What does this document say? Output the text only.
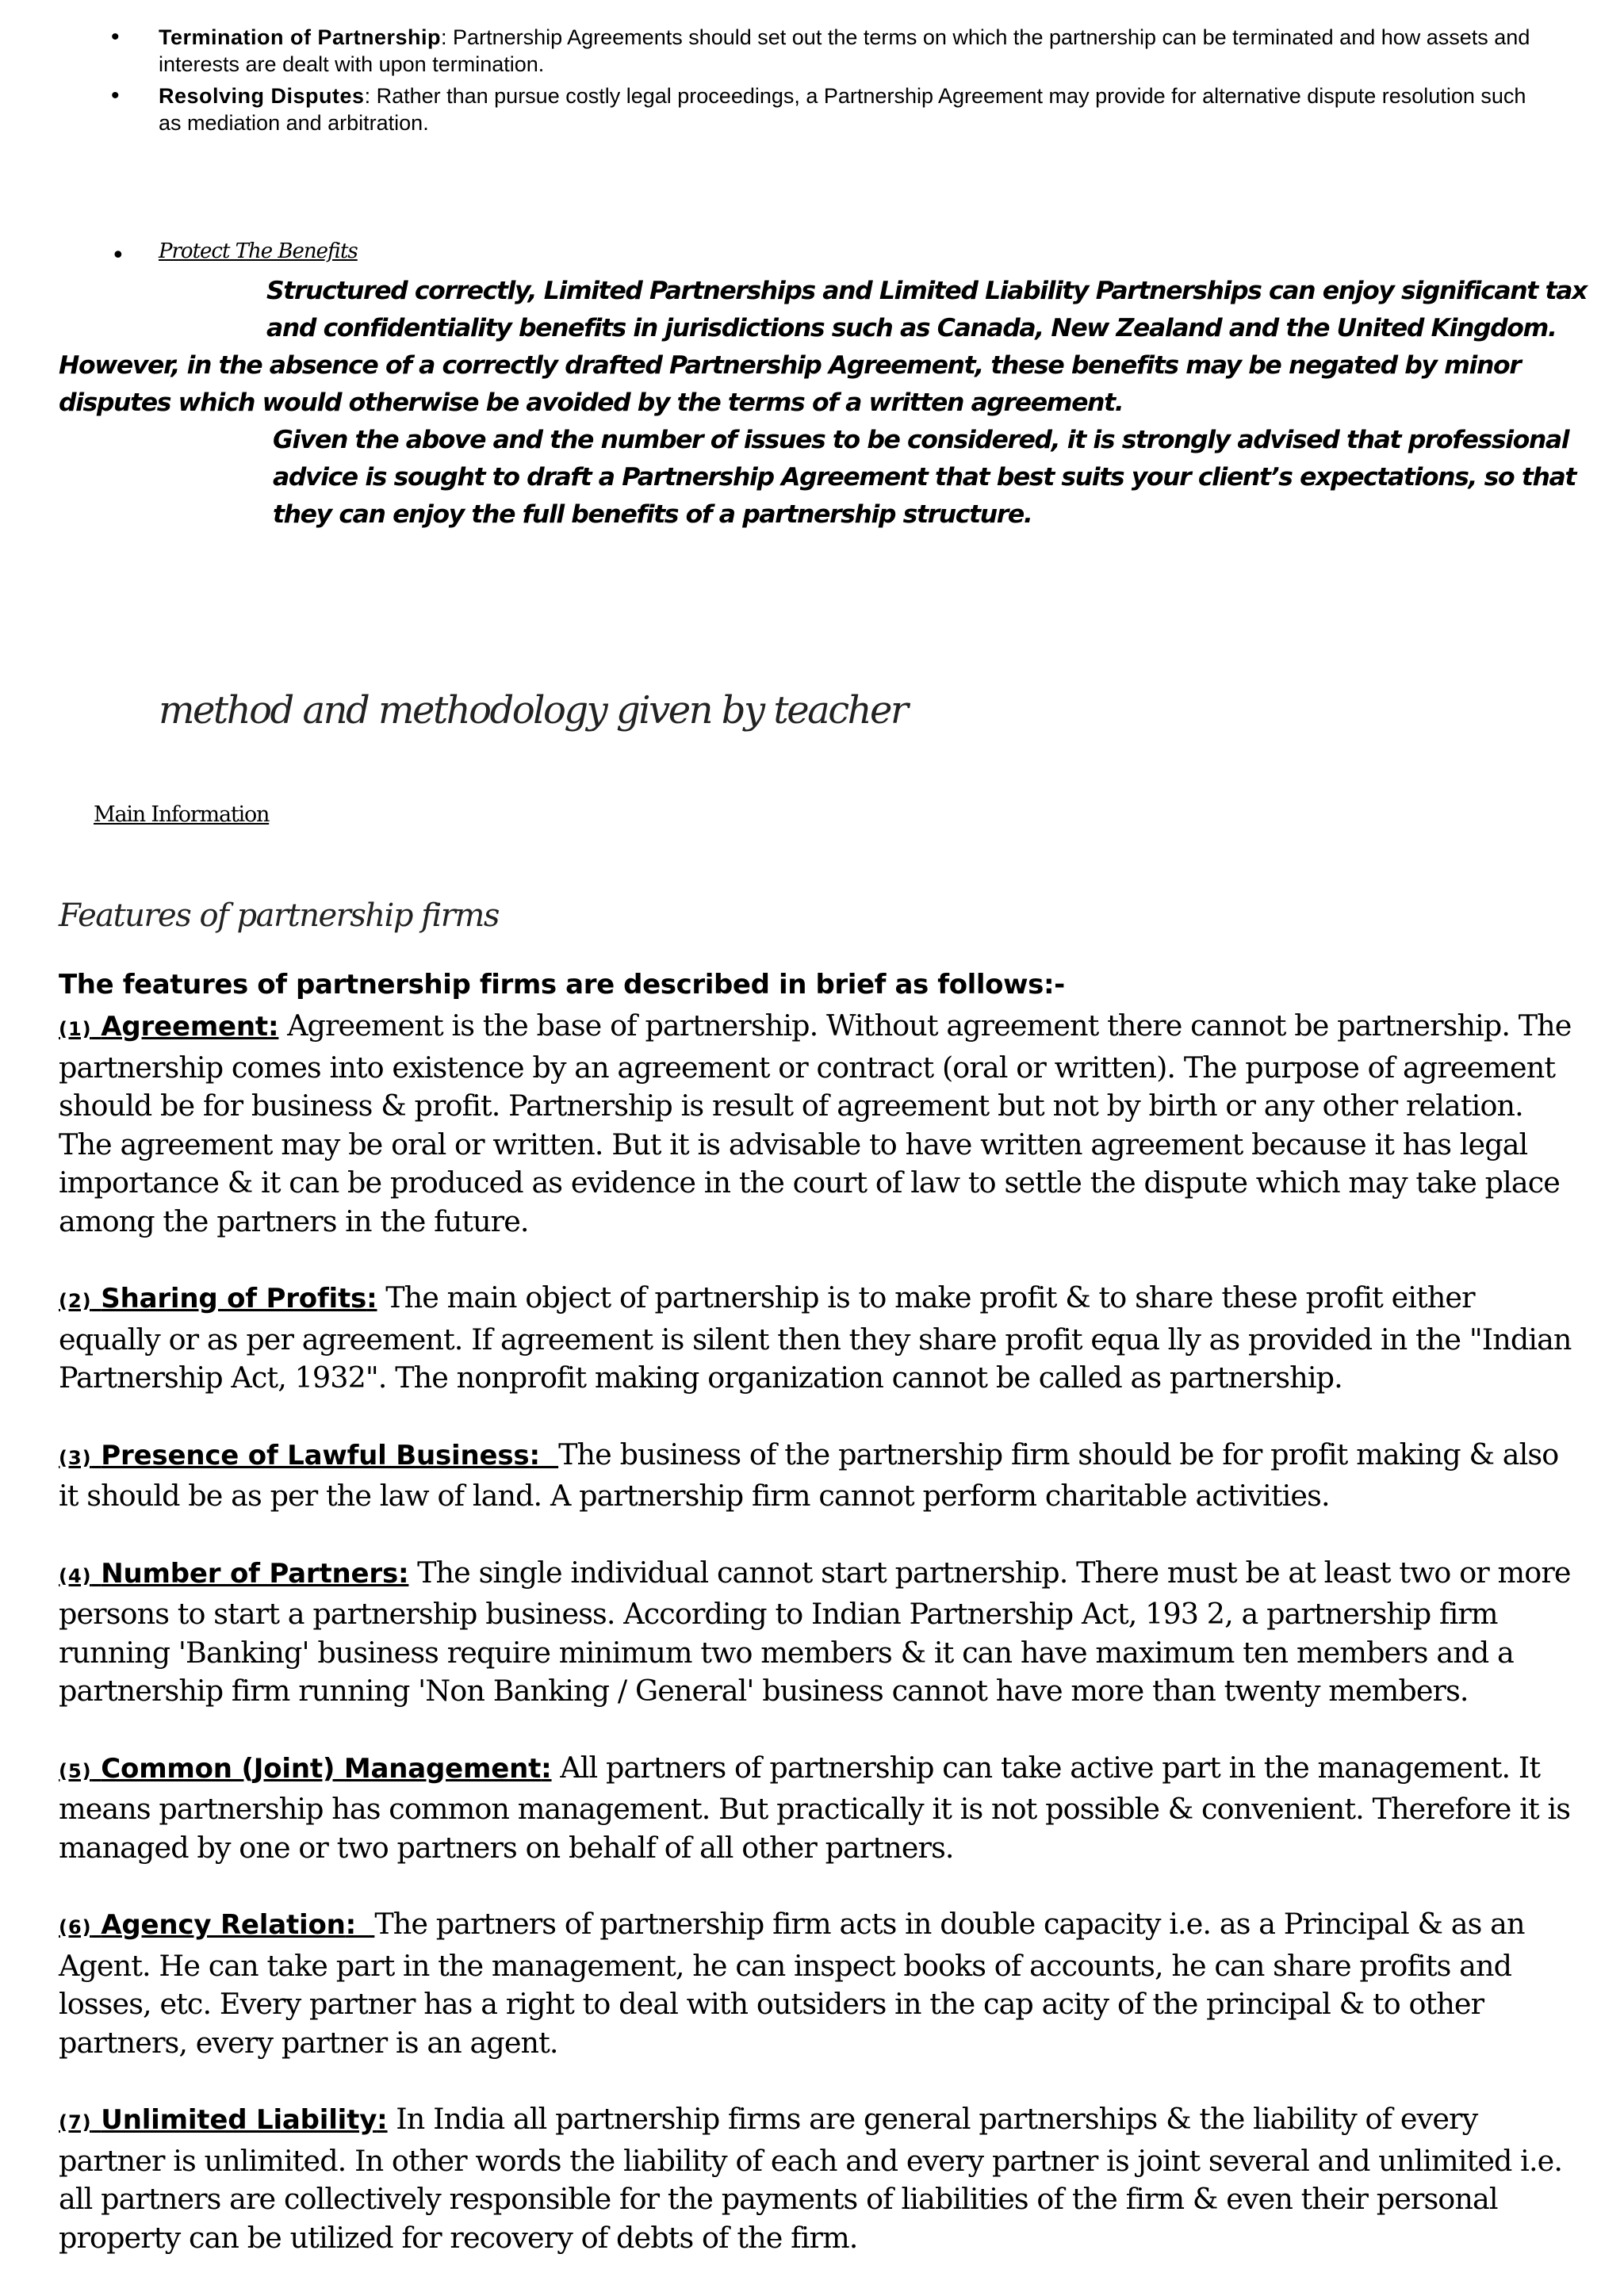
• Termination of Partnership: Partnership Agreements should set out the terms on which the partnership can be terminated and how assets and interests are dealt with upon termination.
• Resolving Disputes: Rather than pursue costly legal proceedings, a Partnership Agreement may provide for alternative dispute resolution such as mediation and arbitration.
• Protect The Benefits

Structured correctly, Limited Partnerships and Limited Liability Partnerships can enjoy significant tax and confidentiality benefits in jurisdictions such as Canada, New Zealand and the United Kingdom.

However, in the absence of a correctly drafted Partnership Agreement, these benefits may be negated by minor disputes which would otherwise be avoided by the terms of a written agreement.

Given the above and the number of issues to be considered, it is strongly advised that professional advice is sought to draft a Partnership Agreement that best suits your client’s expectations, so that they can enjoy the full benefits of a partnership structure.

method and methodology given by teacher
Main Information
Features of partnership firms
The features of partnership firms are described in brief as follows:-

(1) Agreement: Agreement is the base of partnership. Without agreement there cannot be partnership. The partnership comes into existence by an agreement or contract (oral or written). The purpose of agreement should be for business & profit. Partnership is result of agreement but not by birth or any other relation. The agreement may be oral or written. But it is advisable to have written agreement because it has legal importance & it can be produced as evidence in the court of law to settle the dispute which may take place among the partners in the future.

(2) Sharing of Profits: The main object of partnership is to make profit & to share these profit either equally or as per agreement. If agreement is silent then they share profit equa lly as provided in the "Indian Partnership Act, 1932". The nonprofit making organization cannot be called as partnership.

(3) Presence of Lawful Business:  The business of the partnership firm should be for profit making & also it should be as per the law of land. A partnership firm cannot perform charitable activities.

(4) Number of Partners: The single individual cannot start partnership. There must be at least two or more persons to start a partnership business. According to Indian Partnership Act, 193 2, a partnership firm running 'Banking' business require minimum two members & it can have maximum ten members and a partnership firm running 'Non Banking / General' business cannot have more than twenty members.

(5) Common (Joint) Management: All partners of partnership can take active part in the management. It means partnership has common management. But practically it is not possible & convenient. Therefore it is managed by one or two partners on behalf of all other partners.

(6) Agency Relation:  The partners of partnership firm acts in double capacity i.e. as a Principal & as an Agent. He can take part in the management, he can inspect books of accounts, he can share profits and losses, etc. Every partner has a right to deal with outsiders in the cap acity of the principal & to other partners, every partner is an agent.

(7) Unlimited Liability: In India all partnership firms are general partnerships & the liability of every partner is unlimited. In other words the liability of each and every partner is joint several and unlimited i.e. all partners are collectively responsible for the payments of liabilities of the firm & even their personal property can be utilized for recovery of debts of the firm.
